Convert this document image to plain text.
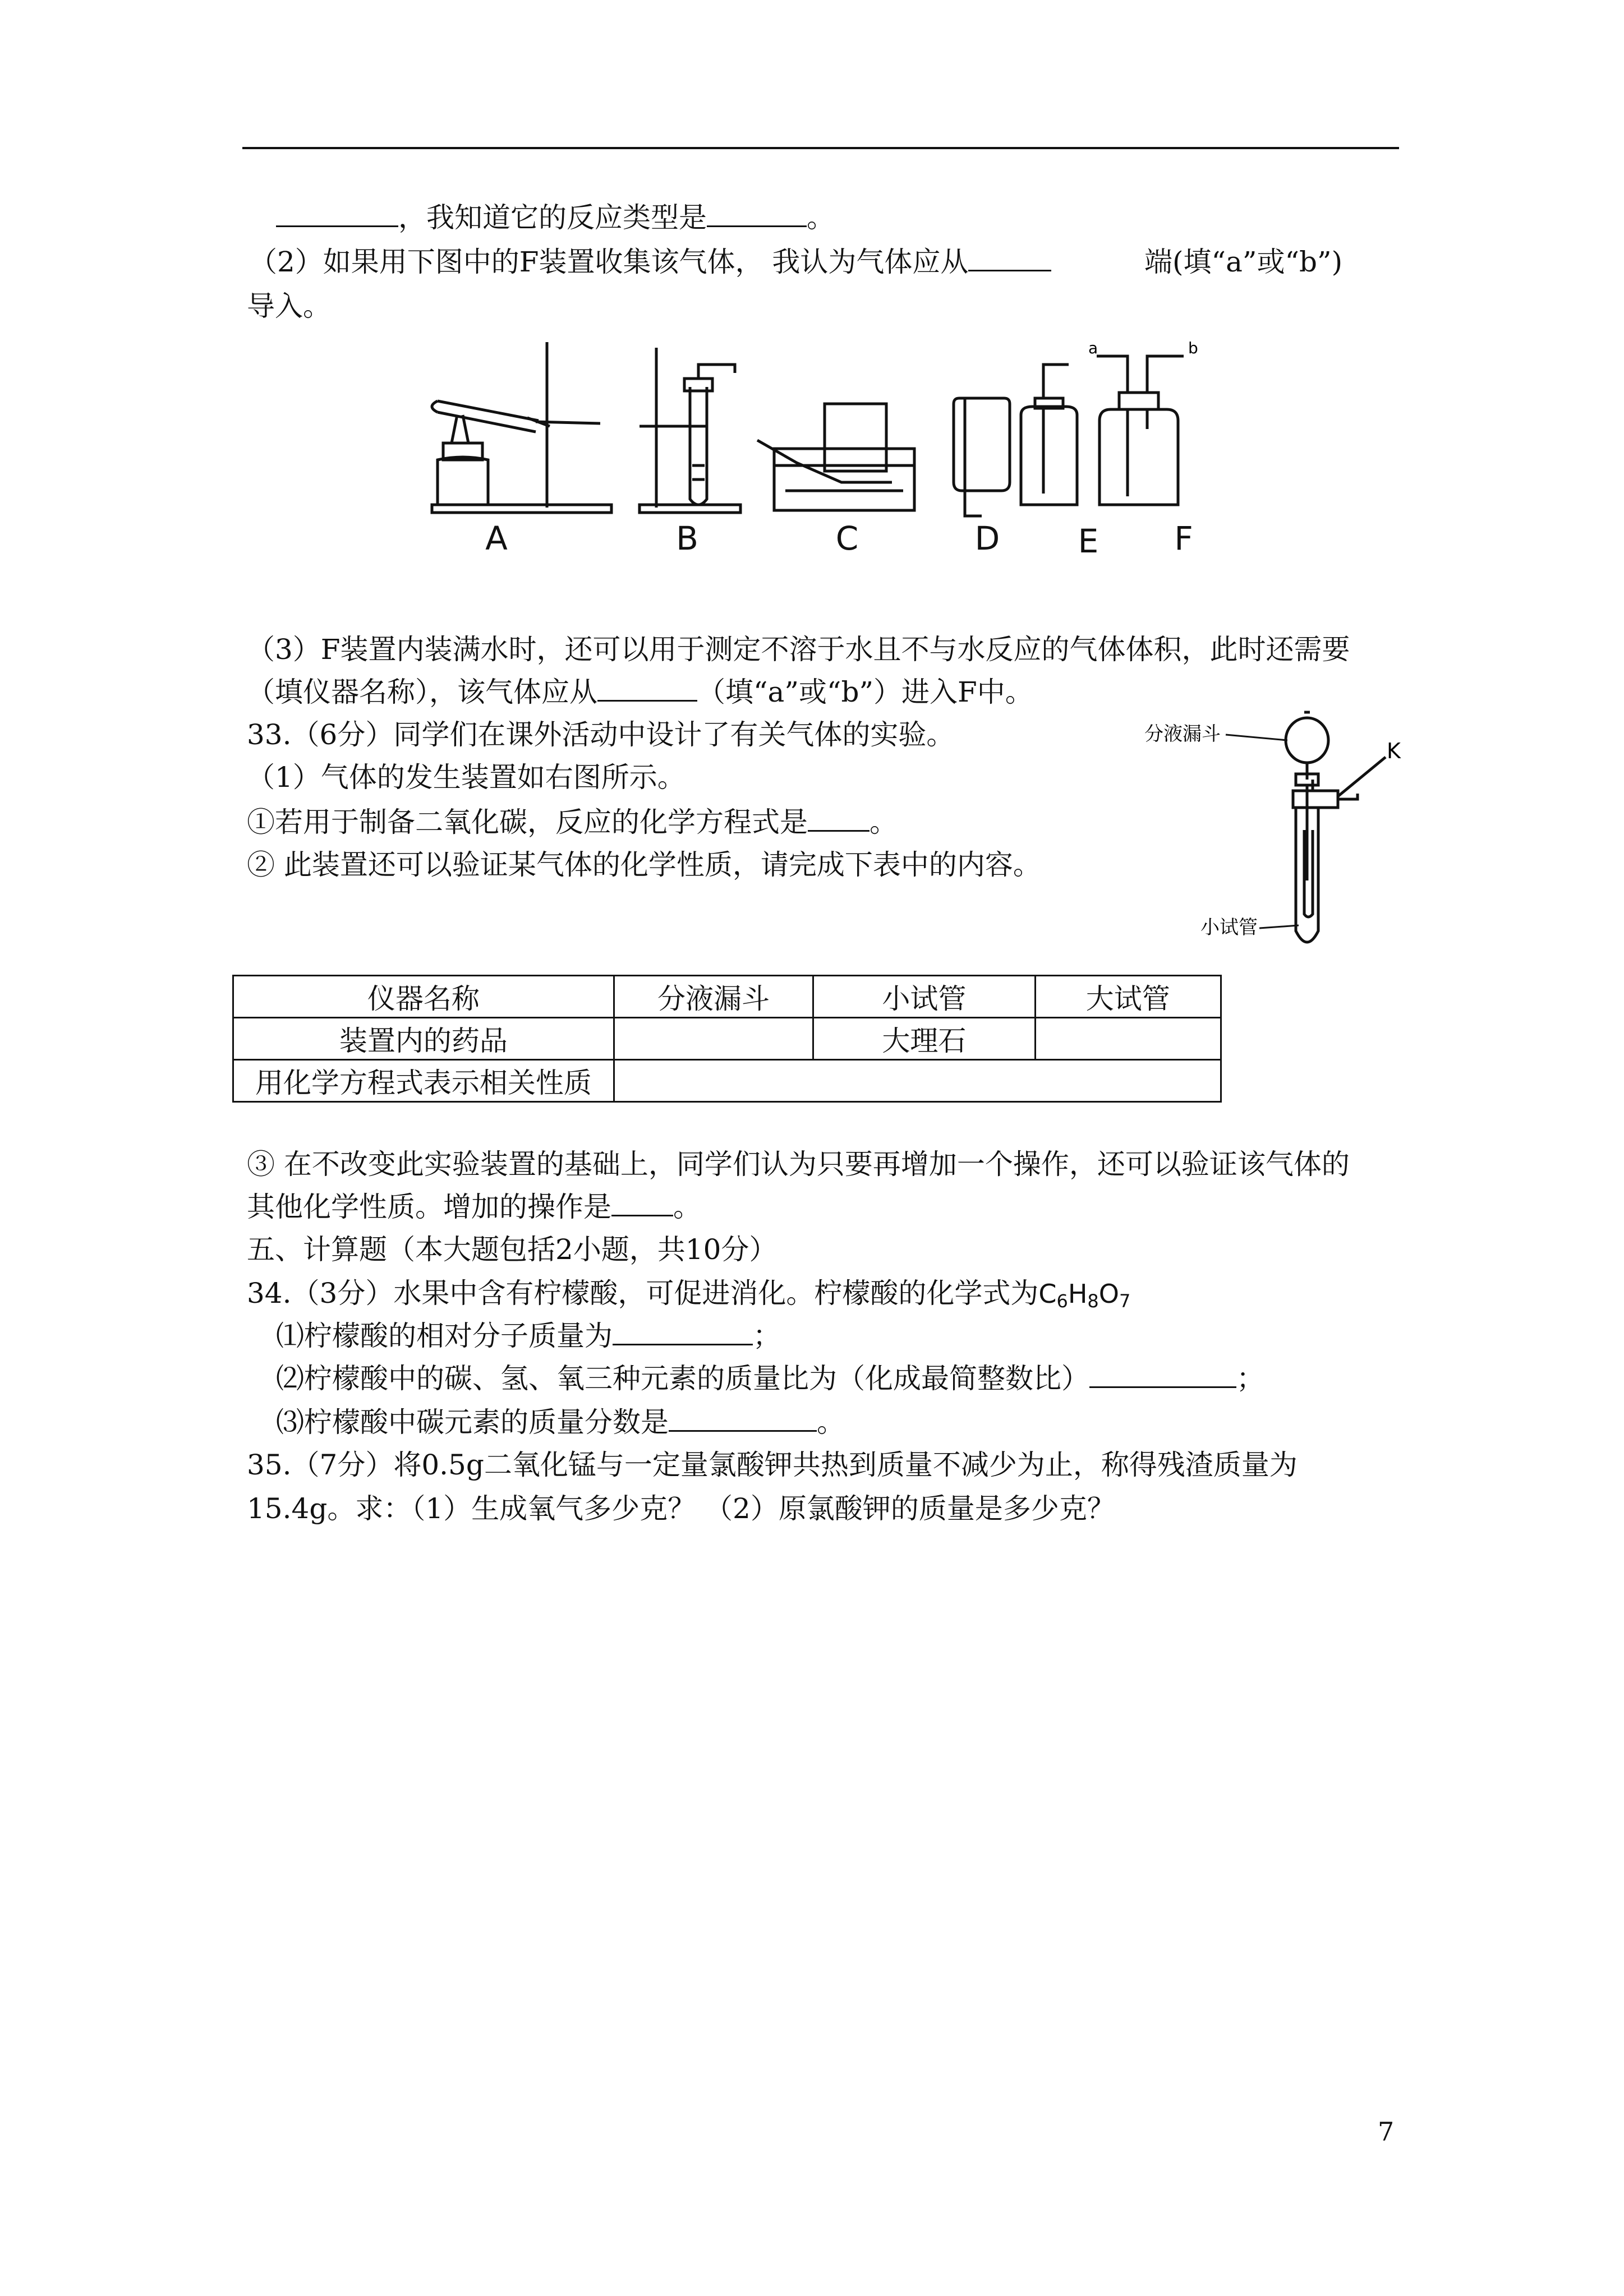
，我知道它的反应类型是	。
（2）如果用下图中的F装置收集该气体， 我认为气体应从	端(填“a”或“b”)
导入。
a	b
A	B	C	D E F
（3）F装置内装满水时，还可以用于测定不溶于水且不与水反应的气体体积，此时还需要
（填仪器名称），该气体应从	（填“a”或“b”）进入F中。
33.（6分）同学们在课外活动中设计了有关气体的实验。
（1）气体的发生装置如右图所示。
①若用于制备二氧化碳，反应的化学方程式是 。
② 此装置还可以验证某气体的化学性质，请完成下表中的内容。
分液漏斗
K
小试管
仪器名称	分液漏斗	小试管	大试管
装置内的药品		大理石	
用化学方程式表示相关性质			
③ 在不改变此实验装置的基础上，同学们认为只要再增加一个操作，还可以验证该气体的
其他化学性质。增加的操作是 。
五、计算题（本大题包括2小题，共10分）
34.（3分）水果中含有柠檬酸，可促进消化。柠檬酸的化学式为$C_6H_8O_7$
⑴柠檬酸的相对分子质量为	；
⑵柠檬酸中的碳、氢、氧三种元素的质量比为（化成最简整数比）	；
⑶柠檬酸中碳元素的质量分数是	。
35.（7分）将0.5g二氧化锰与一定量氯酸钾共热到质量不减少为止，称得残渣质量为
15.4g。求：（1）生成氧气多少克？ （2）原氯酸钾的质量是多少克？
7
